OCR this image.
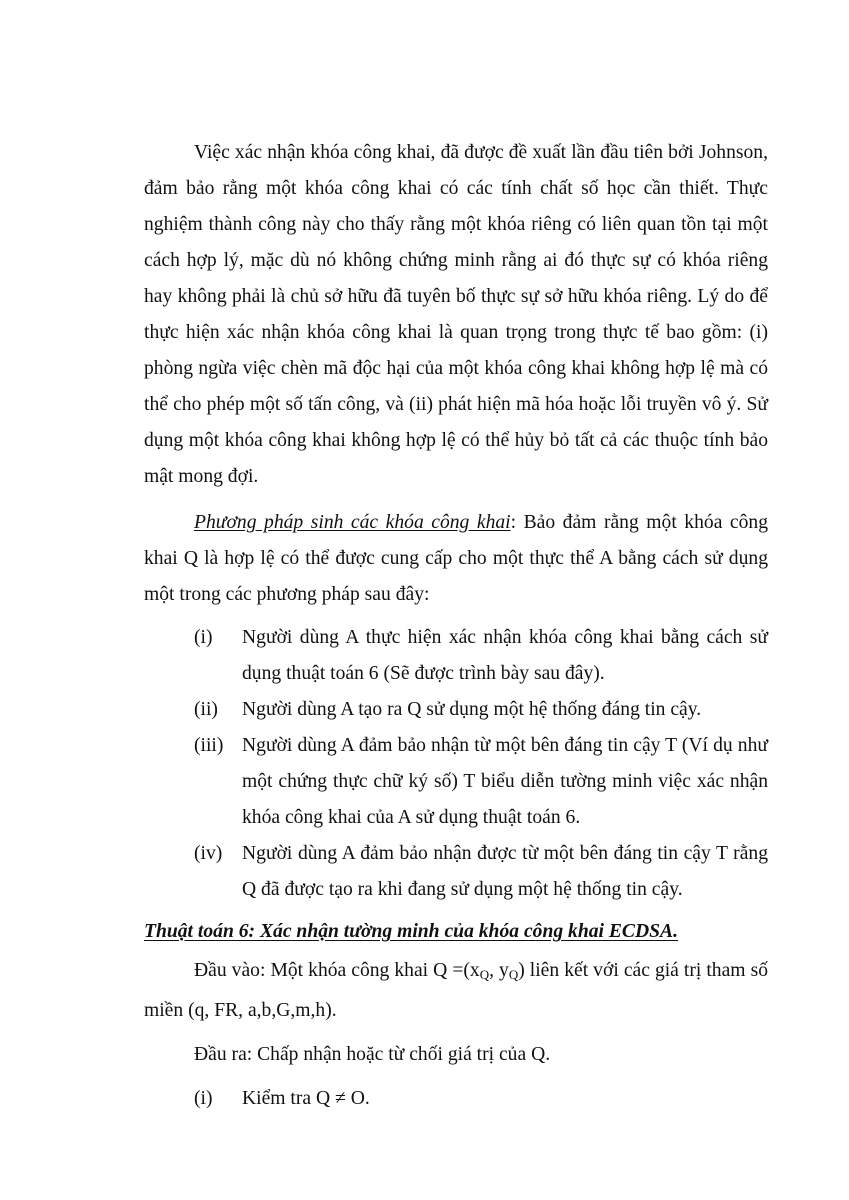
Việc xác nhận khóa công khai, đã được đề xuất lần đầu tiên bởi Johnson, đảm bảo rằng một khóa công khai có các tính chất số học cần thiết. Thực nghiệm thành công này cho thấy rằng một khóa riêng có liên quan tồn tại một cách hợp lý, mặc dù nó không chứng minh rằng ai đó thực sự có khóa riêng hay không phải là chủ sở hữu đã tuyên bố thực sự sở hữu khóa riêng. Lý do để thực hiện xác nhận khóa công khai là quan trọng trong thực tế bao gồm: (i) phòng ngừa việc chèn mã độc hại của một khóa công khai không hợp lệ mà có thể cho phép một số tấn công, và (ii) phát hiện mã hóa hoặc lỗi truyền vô ý. Sử dụng một khóa công khai không hợp lệ có thể hủy bỏ tất cả các thuộc tính bảo mật mong đợi.

Phương pháp sinh các khóa công khai: Bảo đảm rằng một khóa công khai Q là hợp lệ có thể được cung cấp cho một thực thể A bằng cách sử dụng một trong các phương pháp sau đây:

(i)	Người dùng A thực hiện xác nhận khóa công khai bằng cách sử dụng thuật toán 6 (Sẽ được trình bày sau đây).
(ii)	Người dùng A tạo ra Q sử dụng một hệ thống đáng tin cậy.
(iii) Người dùng A đảm bảo nhận từ một bên đáng tin cậy T (Ví dụ như một chứng thực chữ ký số) T biểu diễn tường minh việc xác nhận khóa công khai của A sử dụng thuật toán 6.
(iv)	Người dùng A đảm bảo nhận được từ một bên đáng tin cậy T rằng Q đã được tạo ra khi đang sử dụng một hệ thống tin cậy.

Thuật toán 6: Xác nhận tường minh của khóa công khai ECDSA.

Đầu vào: Một khóa công khai $Q =(x_Q$, $y_Q$) liên kết với các giá trị tham số miền (q, FR, a,b,G,m,h).

Đầu ra: Chấp nhận hoặc từ chối giá trị của Q.

(i)	Kiểm tra Q ≠ O.
